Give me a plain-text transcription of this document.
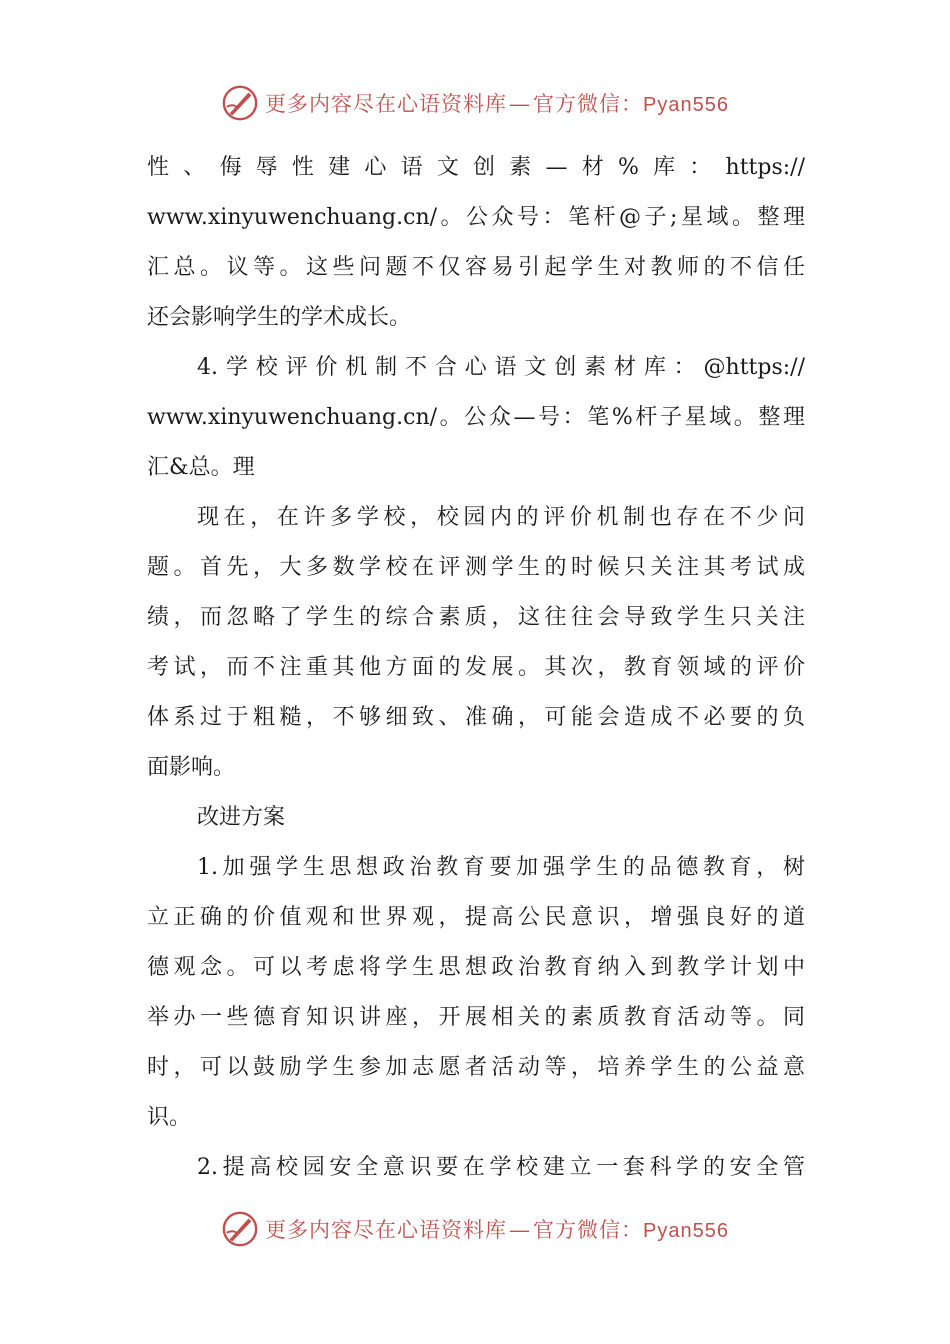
更多内容尽在心语资料库—官方微信：Pyan556
性、侮辱性建心语文创素—材%库：https://
www.xinyuwenchuang.cn/。公众号：笔杆@子;星域。整理
汇总。议等。这些问题不仅容易引起学生对教师的不信任
还会影响学生的学术成长。
4.学校评价机制不合心语文创素材库：@https://
www.xinyuwenchuang.cn/。公众—号：笔%杆子星域。整理
汇&总。理
现在，在许多学校，校园内的评价机制也存在不少问
题。首先，大多数学校在评测学生的时候只关注其考试成
绩，而忽略了学生的综合素质，这往往会导致学生只关注
考试，而不注重其他方面的发展。其次，教育领域的评价
体系过于粗糙，不够细致、准确，可能会造成不必要的负
面影响。
改进方案
1.加强学生思想政治教育要加强学生的品德教育，树
立正确的价值观和世界观，提高公民意识，增强良好的道
德观念。可以考虑将学生思想政治教育纳入到教学计划中
举办一些德育知识讲座，开展相关的素质教育活动等。同
时，可以鼓励学生参加志愿者活动等，培养学生的公益意
识。
2.提高校园安全意识要在学校建立一套科学的安全管
更多内容尽在心语资料库—官方微信：Pyan556
